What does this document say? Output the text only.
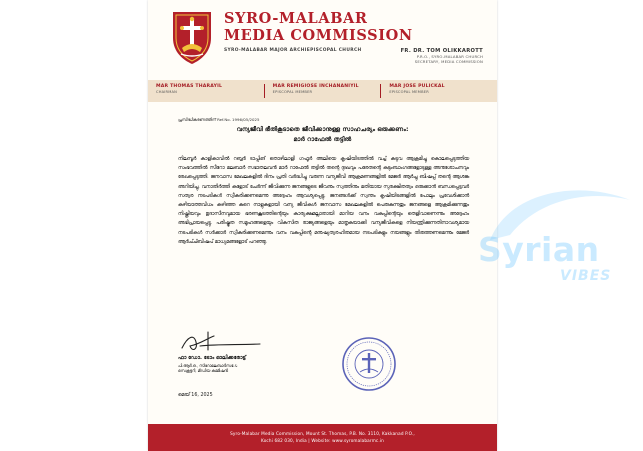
SYRO-MALABAR
MEDIA COMMISSION
SYRO-MALABAR MAJOR ARCHIEPISCOPAL CHURCH	FR. DR. TOM OLIKKAROTT
P.R.O., SYRO-MALABAR CHURCH
SECRETARY, MEDIA COMMISSION
MAR THOMAS THARAYIL
CHAIRMAN
MAR REMIGIOSE INCHANANIYIL
EPISCOPAL MEMBER
MAR JOSE PULICKAL
EPISCOPAL MEMBER
പ്രസിദ്ധീകരണത്തിന് Ref.No. 1996/05/2025
വന്യജീവി ഭീതികൂടാതെ ജീവിക്കാനുള്ള സാഹചര്യം ഒരുക്കണം:
മാർ റാഫേൽ തട്ടിൽ
നിലമ്പൂർ കാളികാവിൽ റബ്ബർ ടാപ്പിങ് തൊഴിലാളി ഗഫൂർ അലിയെ കൃഷിയിടത്തിൽ വച്ച് കടുവ ആക്രമിച്ചു കൊലപ്പെടുത്തിയ സംഭവത്തിൽ സീറോ മലബാർ സഭാതലവൻ മാർ റാഫേൽ തട്ടിൽ തന്റെ ദുഃഖവും പരേതന്റെ കുടുംബാംഗങ്ങളോടുള്ള അനുശോചനവും രേഖപ്പെടുത്തി. ജനവാസ മേഖലകളിൽ ദിനം പ്രതി വർദ്ധിച്ചു വരുന്ന വന്യജീവി ആക്രമണങ്ങളിൽ മേജർ ആർച്ചു ബിഷപ്പ് തന്റെ ആശങ്ക അറിയിച്ചു. വനാതിർത്തി കളോട് ചേർന്ന് ജീവിക്കുന്ന ജനങ്ങളുടെ ജീവനും സ്വത്തിനും മതിയായ സുരക്ഷിതത്വം ഒരുക്കാൻ ബന്ധപ്പെട്ടവർ സത്വര നടപടികൾ സ്വീകരിക്കണമെന്നു അദ്ദേഹം ആവശ്യപ്പെട്ടു. ജനങ്ങൾക്ക് സ്വന്തം കൃഷിയിടങ്ങളിൽ പോലും പ്രവേശിക്കാൻ കഴിയാത്തവിധം കഴിഞ്ഞ കുറെ നാളുകളായി വന്യ ജീവികൾ ജനവാസ മേഖലകളിൽ പെരുകുന്നതും ജനങ്ങളെ ആക്രമിക്കുന്നതും നിഷ്ക്രിയവും ഉദാസീനവുമായ ഭരണകൂടത്തിന്റെയും കാര്യക്ഷമല്ലാതായി മാറിയ വനം വകുപ്പിന്റെയും തെളിവാണെന്നും അദ്ദേഹം അഭിപ്രായപ്പെട്ടു. പരിഷ്കൃത സമൂഹങ്ങളെയും വികസിത രാജ്യങ്ങളെയും മാതൃകയാക്കി വന്യജീവികളെ നിയന്ത്രിക്കുന്നതിനാവശ്യമായ നടപടികൾ സർക്കാർ സ്വീകരിക്കണമെന്നും വനം വകുപ്പിന്റെ മനുഷ്യത്വരഹിതമായ നടപടികളും നയങ്ങളും തിരുത്തണമെന്നും മേജർ ആർച്ച്ബിഷപ് മാധ്യമങ്ങളോട് പറഞ്ഞു.
ഫാ ഡോ. ടോം ഓലിക്കരോട്ട്
പി.ആർ.ഒ., സീറോമലബാർസഭ &
സെക്രട്ടറി, മീഡിയ കമ്മീഷൻ
മെയ് 16, 2025
Syro-Malabar Media Commission, Mount St. Thomas, P.B. No. 3110, Kakkanad P.O.,
Kochi 682 030, India | Website: www.syromalabarmc.in
Syrian
VIBES
